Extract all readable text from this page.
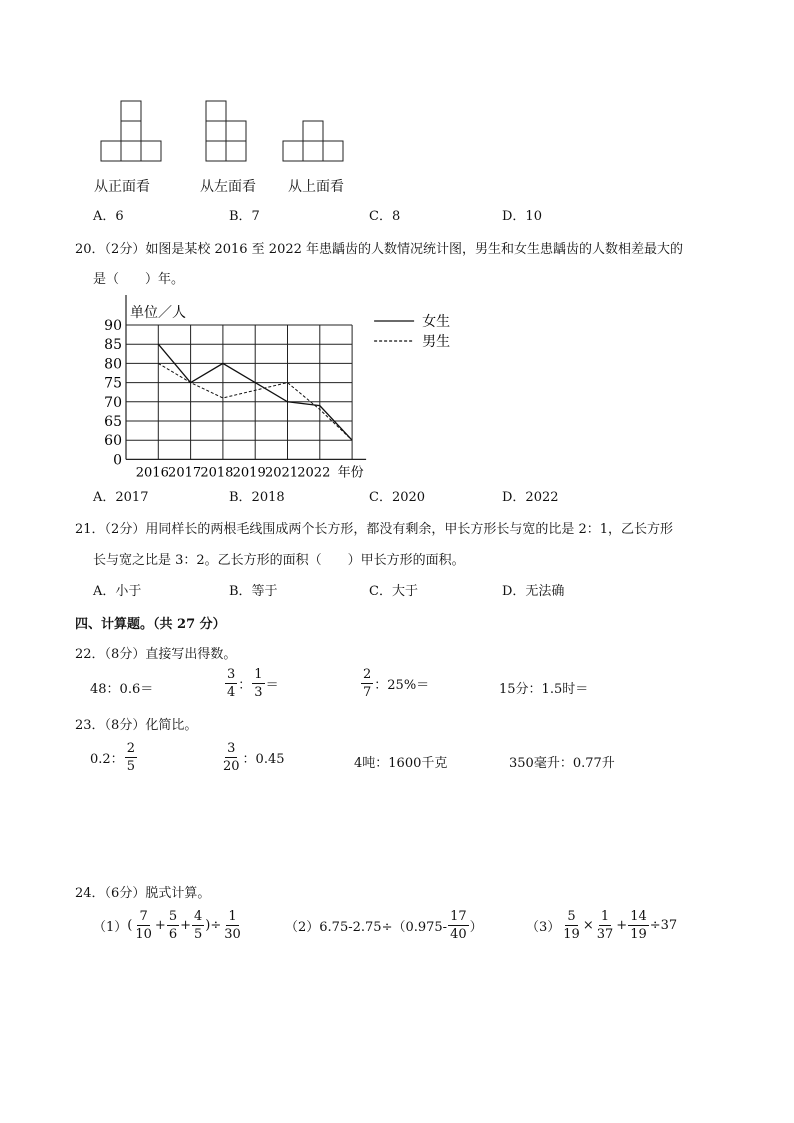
从正面看	从左面看 从上面看
A．6	B．7	C．8	D．10
20．（2分）如图是某校 2016 至 2022 年患龋齿的人数情况统计图，男生和女生患龋齿的人数相差最大的
是（　　）年。
0
60
65
70
75
80
85
90
单位／人
2016 2017 2018 2019 2021 2022 年份
女生
男生
A．2017	B．2018	C．2020	D．2022
21．（2分）用同样长的两根毛线围成两个长方形，都没有剩余，甲长方形长与宽的比是 2：1，乙长方形
长与宽之比是 3：2。乙长方形的面积（　　）甲长方形的面积。
A．小于	B．等于	C．大于	D．无法确
四、计算题。（共 27 分）
22．（8分）直接写出得数。
48：0.6＝	$\frac{3}{4}$ ： $\frac{1}{3}$ ＝	$\frac{2}{7}$ ：25%＝	15分：1.5时＝
23．（8分）化简比。
0.2： $\frac{2}{5}$	$\frac{3}{20}$ ：0.45	4吨：1600千克	350毫升：0.77升
24．（6分）脱式计算。
（1） ( $\frac{7}{10} + \frac{5}{6} + \frac{4}{5}$ )÷ $\frac{1}{30}$	（2） $6.75-2.75\div(0.975- \frac{17}{40}$ ）	$(3) \frac{5}{19} \times \frac{1}{37} + \frac{14}{19} \div 37$
